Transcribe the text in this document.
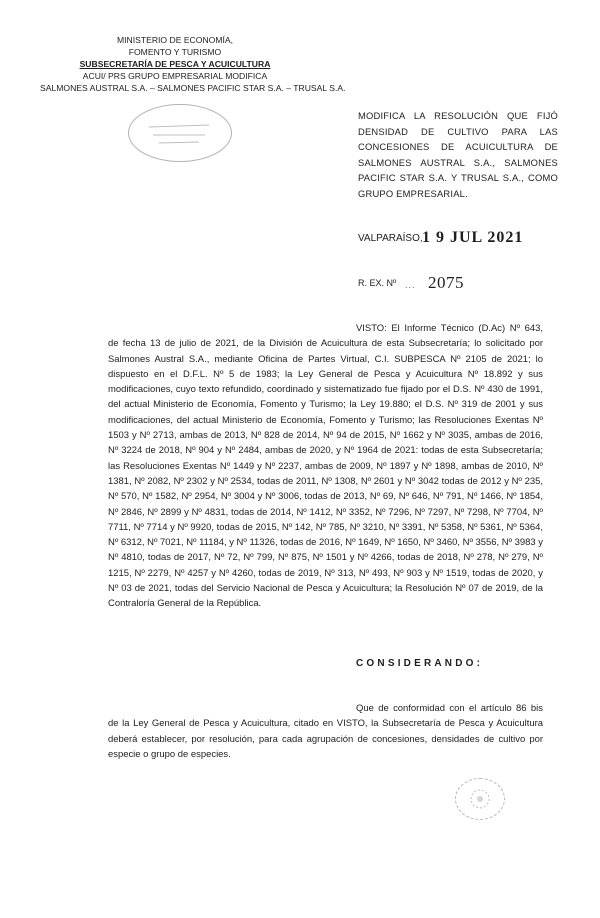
MINISTERIO DE ECONOMÍA,
FOMENTO Y TURISMO
SUBSECRETARÍA DE PESCA Y ACUICULTURA
ACUI/ PRS GRUPO EMPRESARIAL MODIFICA
SALMONES AUSTRAL S.A. – SALMONES PACIFIC STAR S.A. – TRUSAL S.A.
MODIFICA LA RESOLUCIÓN QUE FIJÓ DENSIDAD DE CULTIVO PARA LAS CONCESIONES DE ACUICULTURA DE SALMONES AUSTRAL S.A., SALMONES PACIFIC STAR S.A. Y TRUSAL S.A., COMO GRUPO EMPRESARIAL.
VALPARAÍSO, 1 9 JUL 2021
R. EX. Nº ... 2075
VISTO: El Informe Técnico (D.Ac) Nº 643, de fecha 13 de julio de 2021, de la División de Acuicultura de esta Subsecretaría; lo solicitado por Salmones Austral S.A., mediante Oficina de Partes Virtual, C.I. SUBPESCA Nº 2105 de 2021; lo dispuesto en el D.F.L. Nº 5 de 1983; la Ley General de Pesca y Acuicultura Nº 18.892 y sus modificaciones, cuyo texto refundido, coordinado y sistematizado fue fijado por el D.S. Nº 430 de 1991, del actual Ministerio de Economía, Fomento y Turismo; la Ley 19.880; el D.S. Nº 319 de 2001 y sus modificaciones, del actual Ministerio de Economía, Fomento y Turismo; las Resoluciones Exentas Nº 1503 y Nº 2713, ambas de 2013, Nº 828 de 2014, Nº 94 de 2015, Nº 1662 y Nº 3035, ambas de 2016, Nº 3224 de 2018, Nº 904 y Nº 2484, ambas de 2020, y Nº 1964 de 2021: todas de esta Subsecretaría; las Resoluciones Exentas Nº 1449 y Nº 2237, ambas de 2009, Nº 1897 y Nº 1898, ambas de 2010, Nº 1381, Nº 2082, Nº 2302 y Nº 2534, todas de 2011, Nº 1308, Nº 2601 y Nº 3042 todas de 2012 y Nº 235, Nº 570, Nº 1582, Nº 2954, Nº 3004 y Nº 3006, todas de 2013, Nº 69, Nº 646, Nº 791, Nº 1466, Nº 1854, Nº 2846, Nº 2899 y Nº 4831, todas de 2014, Nº 1412, Nº 3352, Nº 7296, Nº 7297, Nº 7298, Nº 7704, Nº 7711, Nº 7714 y Nº 9920, todas de 2015, Nº 142, Nº 785, Nº 3210, Nº 3391, Nº 5358, Nº 5361, Nº 5364, Nº 6312, Nº 7021, Nº 11184, y Nº 11326, todas de 2016, Nº 1649, Nº 1650, Nº 3460, Nº 3556, Nº 3983 y Nº 4810, todas de 2017, Nº 72, Nº 799, Nº 875, Nº 1501 y Nº 4266, todas de 2018, Nº 278, Nº 279, Nº 1215, Nº 2279, Nº 4257 y Nº 4260, todas de 2019, Nº 313, Nº 493, Nº 903 y Nº 1519, todas de 2020, y Nº 03 de 2021, todas del Servicio Nacional de Pesca y Acuicultura; la Resolución Nº 07 de 2019, de la Contraloría General de la República.
CONSIDERANDO:
Que de conformidad con el artículo 86 bis de la Ley General de Pesca y Acuicultura, citado en VISTO, la Subsecretaría de Pesca y Acuicultura deberá establecer, por resolución, para cada agrupación de concesiones, densidades de cultivo por especie o grupo de especies.
